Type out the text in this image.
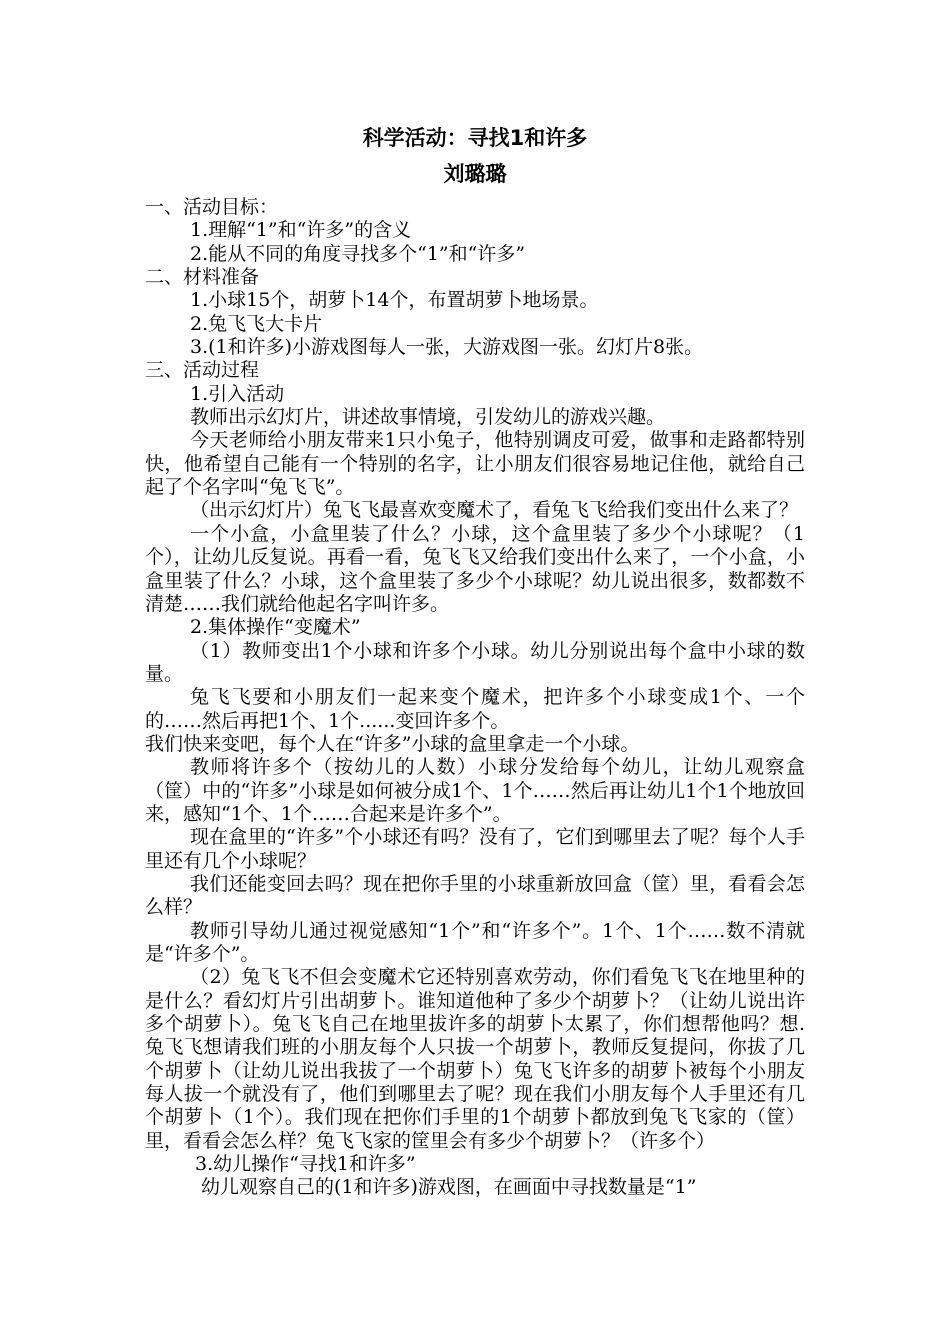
科学活动：寻找1和许多
刘璐璐

一、活动目标：

1.理解“1”和“许多”的含义

2.能从不同的角度寻找多个“1”和“许多”

二、材料准备

1.小球15个，胡萝卜14个，布置胡萝卜地场景。

2.兔飞飞大卡片

3.(1和许多)小游戏图每人一张，大游戏图一张。幻灯片8张。

三、活动过程

1.引入活动

教师出示幻灯片，讲述故事情境，引发幼儿的游戏兴趣。

今天老师给小朋友带来1只小兔子，他特别调皮可爱，做事和走路都特别快，他希望自己能有一个特别的名字，让小朋友们很容易地记住他，就给自己起了个名字叫“兔飞飞”。

（出示幻灯片）兔飞飞最喜欢变魔术了，看兔飞飞给我们变出什么来了？

一个小盒，小盒里装了什么？小球，这个盒里装了多少个小球呢？（1个），让幼儿反复说。再看一看，兔飞飞又给我们变出什么来了，一个小盒，小盒里装了什么？小球，这个盒里装了多少个小球呢？幼儿说出很多，数都数不清楚……我们就给他起名字叫许多。

2.集体操作“变魔术”

（1）教师变出1个小球和许多个小球。幼儿分别说出每个盒中小球的数量。

兔飞飞要和小朋友们一起来变个魔术，把许多个小球变成1个、一个的……然后再把1个、1个......变回许多个。

我们快来变吧，每个人在“许多”小球的盒里拿走一个小球。

教师将许多个（按幼儿的人数）小球分发给每个幼儿，让幼儿观察盒（筐）中的“许多”小球是如何被分成1个、1个……然后再让幼儿1个1个地放回来，感知“1个、1个……合起来是许多个”。

现在盒里的“许多”个小球还有吗？没有了，它们到哪里去了呢？每个人手里还有几个小球呢？

我们还能变回去吗？现在把你手里的小球重新放回盒（筐）里，看看会怎么样？

教师引导幼儿通过视觉感知“1个”和“许多个”。1个、1个……数不清就是“许多个”。

（2）兔飞飞不但会变魔术它还特别喜欢劳动，你们看兔飞飞在地里种的是什么？看幻灯片引出胡萝卜。谁知道他种了多少个胡萝卜？（让幼儿说出许多个胡萝卜）。兔飞飞自己在地里拔许多的胡萝卜太累了，你们想帮他吗？想.兔飞飞想请我们班的小朋友每个人只拔一个胡萝卜，教师反复提问，你拔了几个胡萝卜（让幼儿说出我拔了一个胡萝卜）兔飞飞许多的胡萝卜被每个小朋友每人拔一个就没有了，他们到哪里去了呢？现在我们小朋友每个人手里还有几个胡萝卜（1个）。我们现在把你们手里的1个胡萝卜都放到兔飞飞家的（筐）里，看看会怎么样？兔飞飞家的筐里会有多少个胡萝卜？（许多个）

3.幼儿操作“寻找1和许多”

幼儿观察自己的(1和许多)游戏图，在画面中寻找数量是“1”
